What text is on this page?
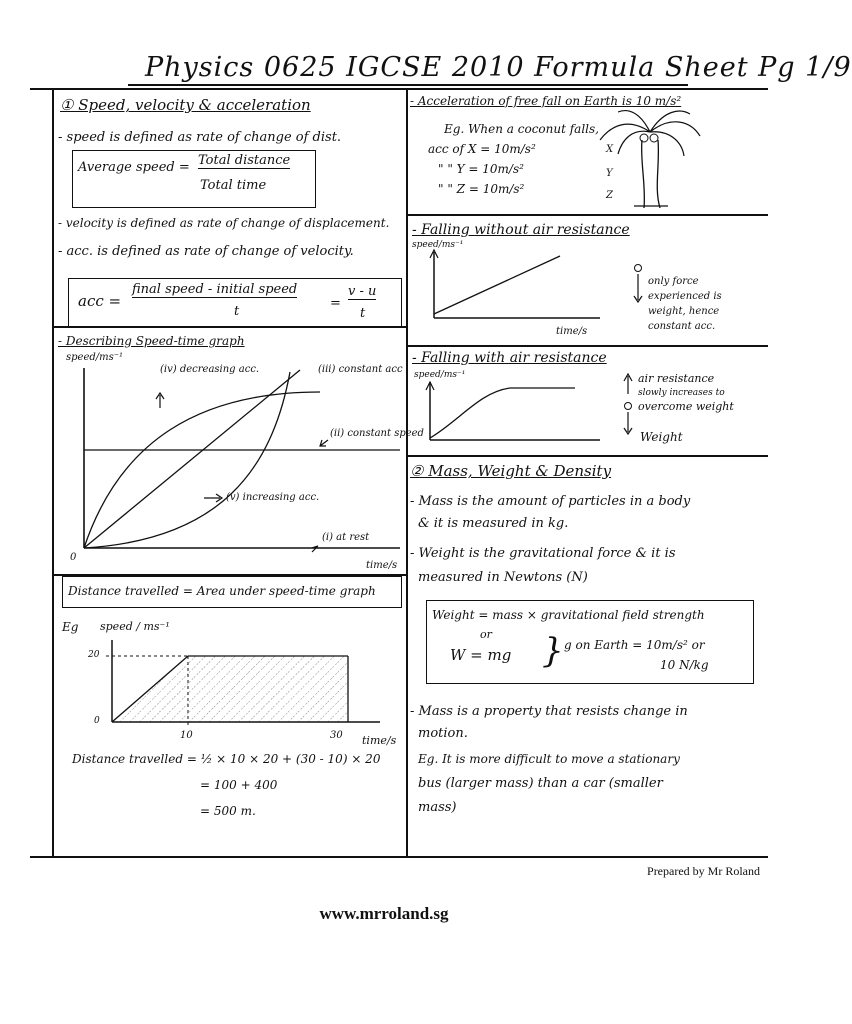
Physics 0625 IGCSE 2010 Formula Sheet Pg 1/9
① Speed, velocity & acceleration
- speed is defined as rate of change of dist.
Average speed = Total distance
Total time
- velocity is defined as rate of change of displacement.
- acc. is defined as rate of change of velocity.
acc =
final speed - initial speed
t
=
v - u
t
- Describing Speed-time graph
speed/ms⁻¹
(iv) decreasing acc.	(iii) constant acc
(ii) constant speed
(v) increasing acc.
(i) at rest
0
time/s
Distance travelled = Area under speed-time graph
Eg speed / ms⁻¹
20
0
10	30 time/s
Distance travelled = ½ × 10 × 20 + (30 - 10) × 20
= 100 + 400
= 500 m.
- Acceleration of free fall on Earth is 10 m/s²
Eg. When a coconut falls,
acc of X = 10m/s²
" " Y = 10m/s²
" " Z = 10m/s²
X
Y
Z
- Falling without air resistance
speed/ms⁻¹
time/s
only force experienced is weight, hence constant acc.
- Falling with air resistance
speed/ms⁻¹	air resistance
slowly increases to
overcome weight
Weight
② Mass, Weight & Density
- Mass is the amount of particles in a body
& it is measured in kg.
- Weight is the gravitational force & it is
measured in Newtons (N)
Weight = mass × gravitational field strength
or
W = mg } g on Earth = 10m/s² or
10 N/kg
- Mass is a property that resists change in
motion.
Eg. It is more difficult to move a stationary
bus (larger mass) than a car (smaller
mass)
Prepared by Mr Roland
www.mrroland.sg
